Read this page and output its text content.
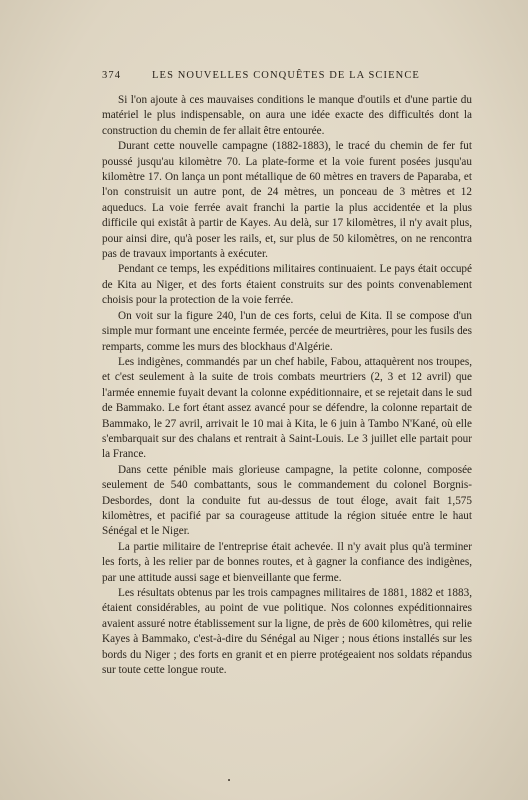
374	LES NOUVELLES CONQUÊTES DE LA SCIENCE

Si l'on ajoute à ces mauvaises conditions le manque d'outils et d'une partie du matériel le plus indispensable, on aura une idée exacte des difficultés dont la construction du chemin de fer allait être entourée.

Durant cette nouvelle campagne (1882-1883), le tracé du chemin de fer fut poussé jusqu'au kilomètre 70. La plate-forme et la voie furent posées jusqu'au kilomètre 17. On lança un pont métallique de 60 mètres en travers de Paparaba, et l'on construisit un autre pont, de 24 mètres, un ponceau de 3 mètres et 12 aqueducs. La voie ferrée avait franchi la partie la plus accidentée et la plus difficile qui existât à partir de Kayes. Au delà, sur 17 kilomètres, il n'y avait plus, pour ainsi dire, qu'à poser les rails, et, sur plus de 50 kilomètres, on ne rencontra pas de travaux importants à exécuter.

Pendant ce temps, les expéditions militaires continuaient. Le pays était occupé de Kita au Niger, et des forts étaient construits sur des points convenablement choisis pour la protection de la voie ferrée.

On voit sur la figure 240, l'un de ces forts, celui de Kita. Il se compose d'un simple mur formant une enceinte fermée, percée de meurtrières, pour les fusils des remparts, comme les murs des blockhaus d'Algérie.

Les indigènes, commandés par un chef habile, Fabou, attaquèrent nos troupes, et c'est seulement à la suite de trois combats meurtriers (2, 3 et 12 avril) que l'armée ennemie fuyait devant la colonne expéditionnaire, et se rejetait dans le sud de Bammako. Le fort étant assez avancé pour se défendre, la colonne repartait de Bammako, le 27 avril, arrivait le 10 mai à Kita, le 6 juin à Tambo N'Kané, où elle s'embarquait sur des chalans et rentrait à Saint-Louis. Le 3 juillet elle partait pour la France.

Dans cette pénible mais glorieuse campagne, la petite colonne, composée seulement de 540 combattants, sous le commandement du colonel Borgnis-Desbordes, dont la conduite fut au-dessus de tout éloge, avait fait 1,575 kilomètres, et pacifié par sa courageuse attitude la région située entre le haut Sénégal et le Niger.

La partie militaire de l'entreprise était achevée. Il n'y avait plus qu'à terminer les forts, à les relier par de bonnes routes, et à gagner la confiance des indigènes, par une attitude aussi sage et bienveillante que ferme.

Les résultats obtenus par les trois campagnes militaires de 1881, 1882 et 1883, étaient considérables, au point de vue politique. Nos colonnes expéditionnaires avaient assuré notre établissement sur la ligne, de près de 600 kilomètres, qui relie Kayes à Bammako, c'est-à-dire du Sénégal au Niger ; nous étions installés sur les bords du Niger ; des forts en granit et en pierre protégeaient nos soldats répandus sur toute cette longue route.

•
